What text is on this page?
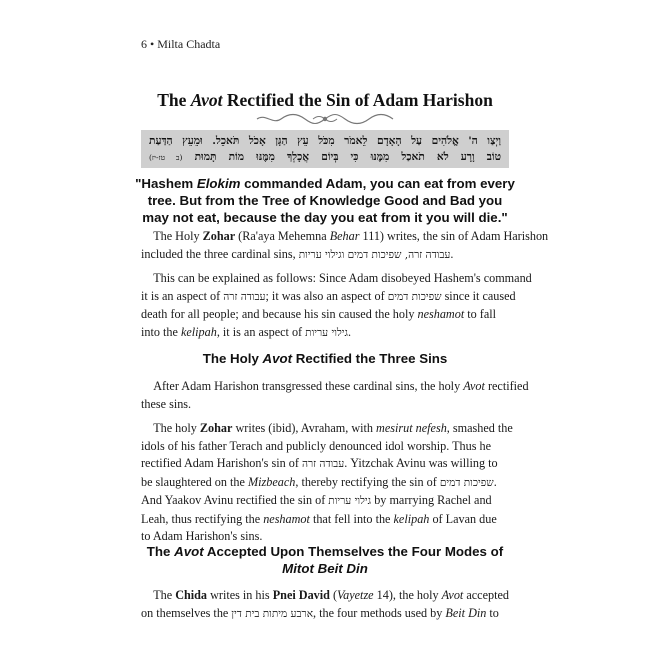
6 • Milta Chadta
The Avot Rectified the Sin of Adam Harishon
וַיְצַו ה' אֱלֹהִים עַל הָאָדָם לֵאמֹר מִכֹּל עֵץ הַגָּן אָכֹל תֹּאכֵל. וּמֵעֵץ הַדַּעַת
טוֹב וָרָע לֹא תֹאכַל מִמֶּנּוּ כִּי בְּיוֹם אֲכָלְךָ מִמֶּנּוּ מוֹת תָּמוּת (ב טז-יז)
"Hashem Elokim commanded Adam, you can eat from every
tree. But from the Tree of Knowledge Good and Bad you
may not eat, because the day you eat from it you will die."
 The Holy Zohar (Ra'aya Mehemna Behar 111) writes, the sin of Adam Harishon
included the three cardinal sins, עבודה זרה, שפיכות דמים וגילוי עריות.
 This can be explained as follows: Since Adam disobeyed Hashem's command
it is an aspect of עבודה זרה; it was also an aspect of שפיכות דמים since it caused
death for all people; and because his sin caused the holy neshamot to fall
into the kelipah, it is an aspect of גילוי עריות.
The Holy Avot Rectified the Three Sins
 After Adam Harishon transgressed these cardinal sins, the holy Avot rectified
these sins.
 The holy Zohar writes (ibid), Avraham, with mesirut nefesh, smashed the
idols of his father Terach and publicly denounced idol worship. Thus he
rectified Adam Harishon's sin of עבודה זרה. Yitzchak Avinu was willing to
be slaughtered on the Mizbeach, thereby rectifying the sin of שפיכות דמים.
And Yaakov Avinu rectified the sin of גילוי עריות by marrying Rachel and
Leah, thus rectifying the neshamot that fell into the kelipah of Lavan due
to Adam Harishon's sins.
The Avot Accepted Upon Themselves the Four Modes of
Mitot Beit Din
 The Chida writes in his Pnei David (Vayetze 14), the holy Avot accepted
on themselves the ארבע מיתות בית דין, the four methods used by Beit Din to
